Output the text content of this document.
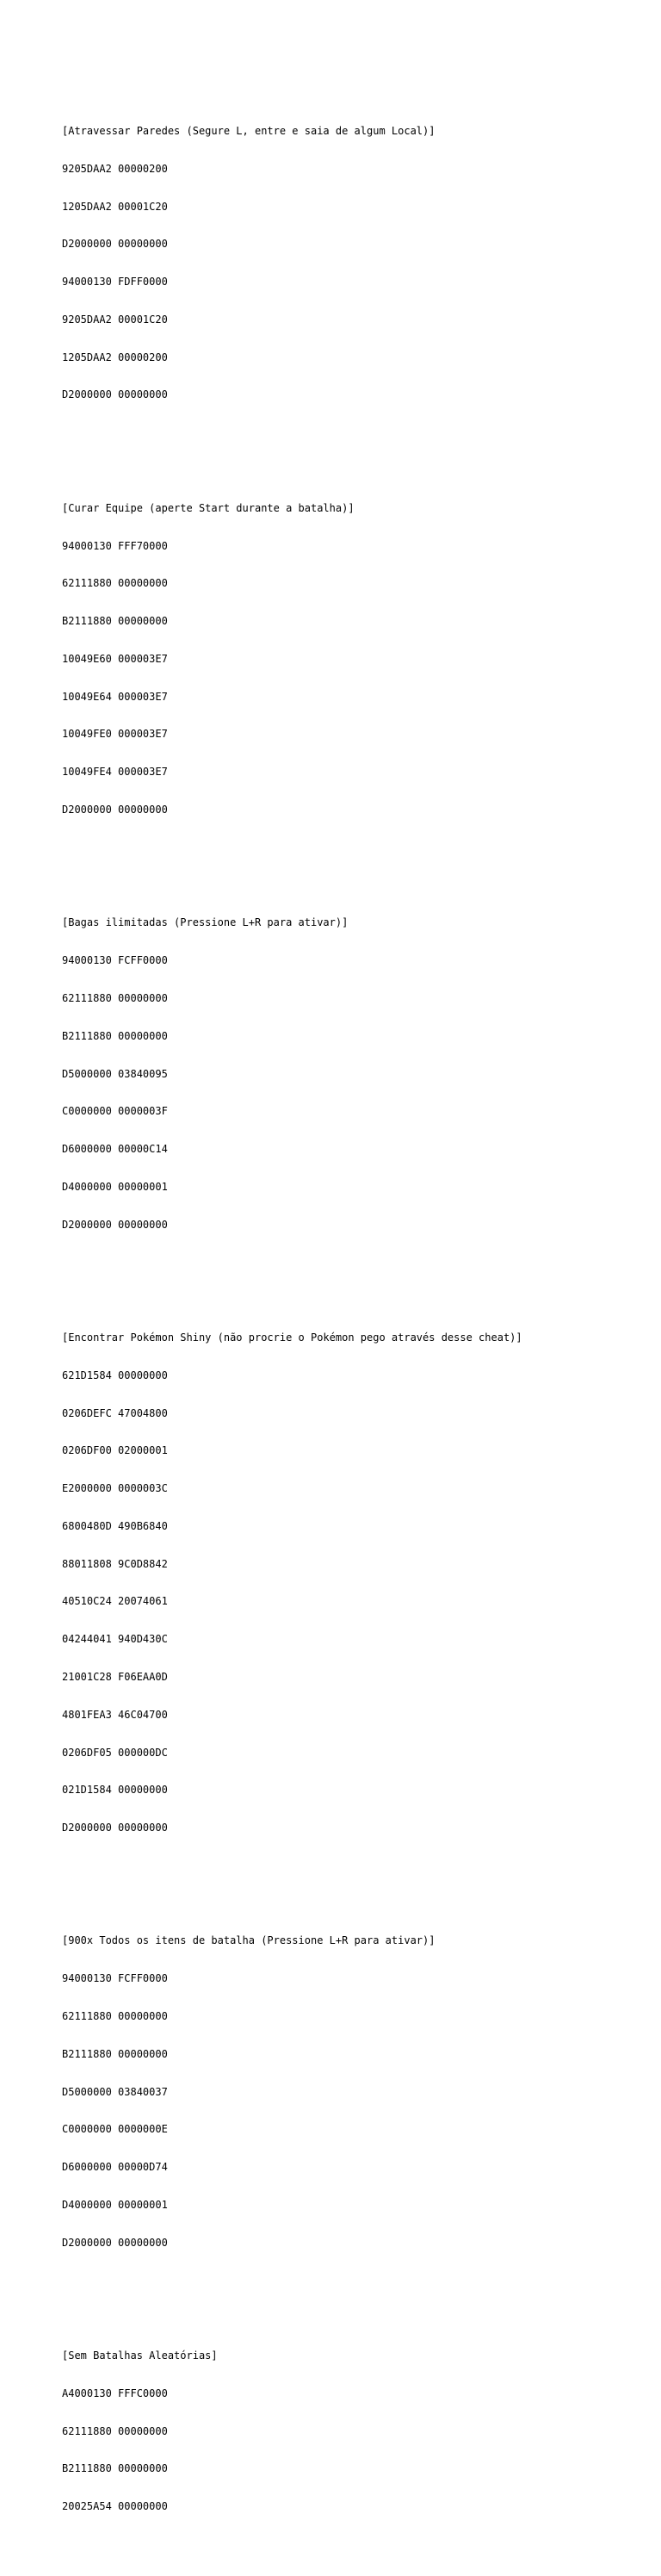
[Atravessar Paredes (Segure L, entre e saia de algum Local)]

9205DAA2 00000200

1205DAA2 00001C20

D2000000 00000000

94000130 FDFF0000

9205DAA2 00001C20

1205DAA2 00000200

D2000000 00000000

[Curar Equipe (aperte Start durante a batalha)]

94000130 FFF70000

62111880 00000000

B2111880 00000000

10049E60 000003E7

10049E64 000003E7

10049FE0 000003E7

10049FE4 000003E7

D2000000 00000000

[Bagas ilimitadas (Pressione L+R para ativar)]

94000130 FCFF0000

62111880 00000000

B2111880 00000000

D5000000 03840095

C0000000 0000003F

D6000000 00000C14

D4000000 00000001

D2000000 00000000

[Encontrar Pokémon Shiny (não procrie o Pokémon pego através desse cheat)]

621D1584 00000000

0206DEFC 47004800

0206DF00 02000001

E2000000 0000003C

6800480D 490B6840

88011808 9C0D8842

40510C24 20074061

04244041 940D430C

21001C28 F06EAA0D

4801FEA3 46C04700

0206DF05 000000DC

021D1584 00000000

D2000000 00000000

[900x Todos os itens de batalha (Pressione L+R para ativar)]

94000130 FCFF0000

62111880 00000000

B2111880 00000000

D5000000 03840037

C0000000 0000000E

D6000000 00000D74

D4000000 00000001

D2000000 00000000

[Sem Batalhas Aleatórias]

A4000130 FFFC0000

62111880 00000000

B2111880 00000000

20025A54 00000000
